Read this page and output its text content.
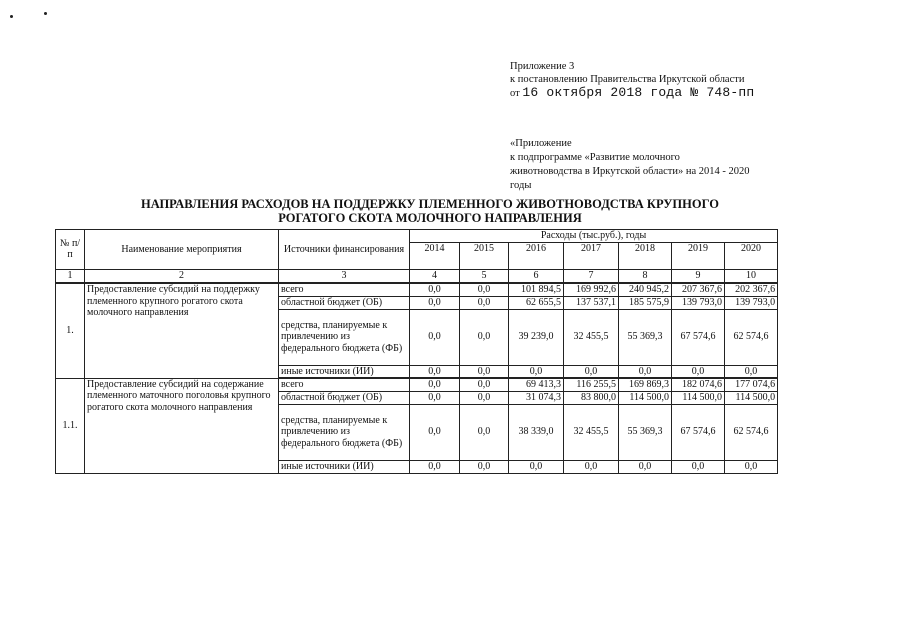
Приложение 3
к постановлению Правительства Иркутской области
от 16 октября 2018 года № 748-пп
«Приложение
к подпрограмме «Развитие молочного
животноводства в Иркутской области» на 2014 - 2020
годы
НАПРАВЛЕНИЯ РАСХОДОВ НА ПОДДЕРЖКУ ПЛЕМЕННОГО ЖИВОТНОВОДСТВА КРУПНОГО
РОГАТОГО СКОТА МОЛОЧНОГО НАПРАВЛЕНИЯ
№ п/п	Наименование мероприятия	Источники финансирования	Расходы (тыс.руб.), годы						
			2014	2015	2016	2017	2018	2019	2020
1	2	3	4	5	6	7	8	9	10
1.	Предоставление субсидий на поддержку племенного крупного рогатого скота молочного направления	всего	0,0	0,0	101 894,5	169 992,6	240 945,2	207 367,6	202 367,6
		областной бюджет (ОБ)	0,0	0,0	62 655,5	137 537,1	185 575,9	139 793,0	139 793,0
		средства, планируемые к привлечению из федерального бюджета (ФБ)	0,0	0,0	39 239,0	32 455,5	55 369,3	67 574,6	62 574,6
		иные источники (ИИ)	0,0	0,0	0,0	0,0	0,0	0,0	0,0
1.1.	Предоставление субсидий на содержание племенного маточного поголовья крупного рогатого скота молочного направления	всего	0,0	0,0	69 413,3	116 255,5	169 869,3	182 074,6	177 074,6
		областной бюджет (ОБ)	0,0	0,0	31 074,3	83 800,0	114 500,0	114 500,0	114 500,0
		средства, планируемые к привлечению из федерального бюджета (ФБ)	0,0	0,0	38 339,0	32 455,5	55 369,3	67 574,6	62 574,6
		иные источники (ИИ)	0,0	0,0	0,0	0,0	0,0	0,0	0,0
